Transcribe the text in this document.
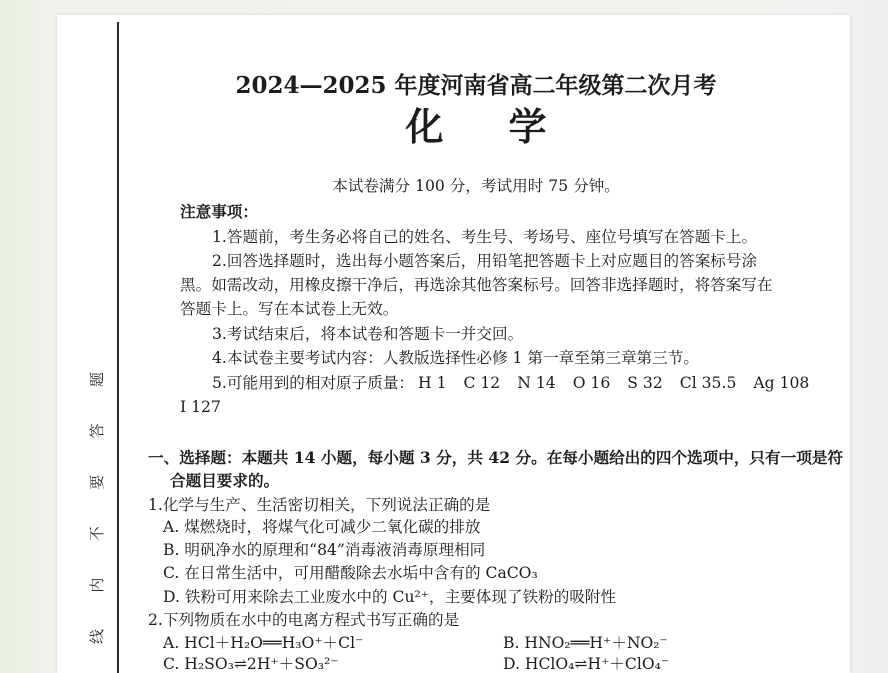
线内不要答题
2024—2025 年度河南省高二年级第二次月考
化 学
本试卷满分 100 分，考试用时 75 分钟。
注意事项：
1.答题前，考生务必将自己的姓名、考生号、考场号、座位号填写在答题卡上。
2.回答选择题时，选出每小题答案后，用铅笔把答题卡上对应题目的答案标号涂
黑。如需改动，用橡皮擦干净后，再选涂其他答案标号。回答非选择题时，将答案写在
答题卡上。写在本试卷上无效。
3.考试结束后，将本试卷和答题卡一并交回。
4.本试卷主要考试内容：人教版选择性必修 1 第一章至第三章第三节。
5.可能用到的相对原子质量： H 1 C 12 N 14 O 16 S 32 Cl 35.5 Ag 108
I 127
一、选择题：本题共 14 小题，每小题 3 分，共 42 分。在每小题给出的四个选项中，只有一项是符
合题目要求的。
1.化学与生产、生活密切相关，下列说法正确的是
A. 煤燃烧时，将煤气化可减少二氧化碳的排放
B. 明矾净水的原理和“84”消毒液消毒原理相同
C. 在日常生活中，可用醋酸除去水垢中含有的 CaCO₃
D. 铁粉可用来除去工业废水中的 Cu²⁺，主要体现了铁粉的吸附性
2.下列物质在水中的电离方程式书写正确的是
A. HCl＋H₂O══H₃O⁺＋Cl⁻	B. HNO₂══H⁺＋NO₂⁻
C. H₂SO₃⇌2H⁺＋SO₃²⁻	D. HClO₄⇌H⁺＋ClO₄⁻
